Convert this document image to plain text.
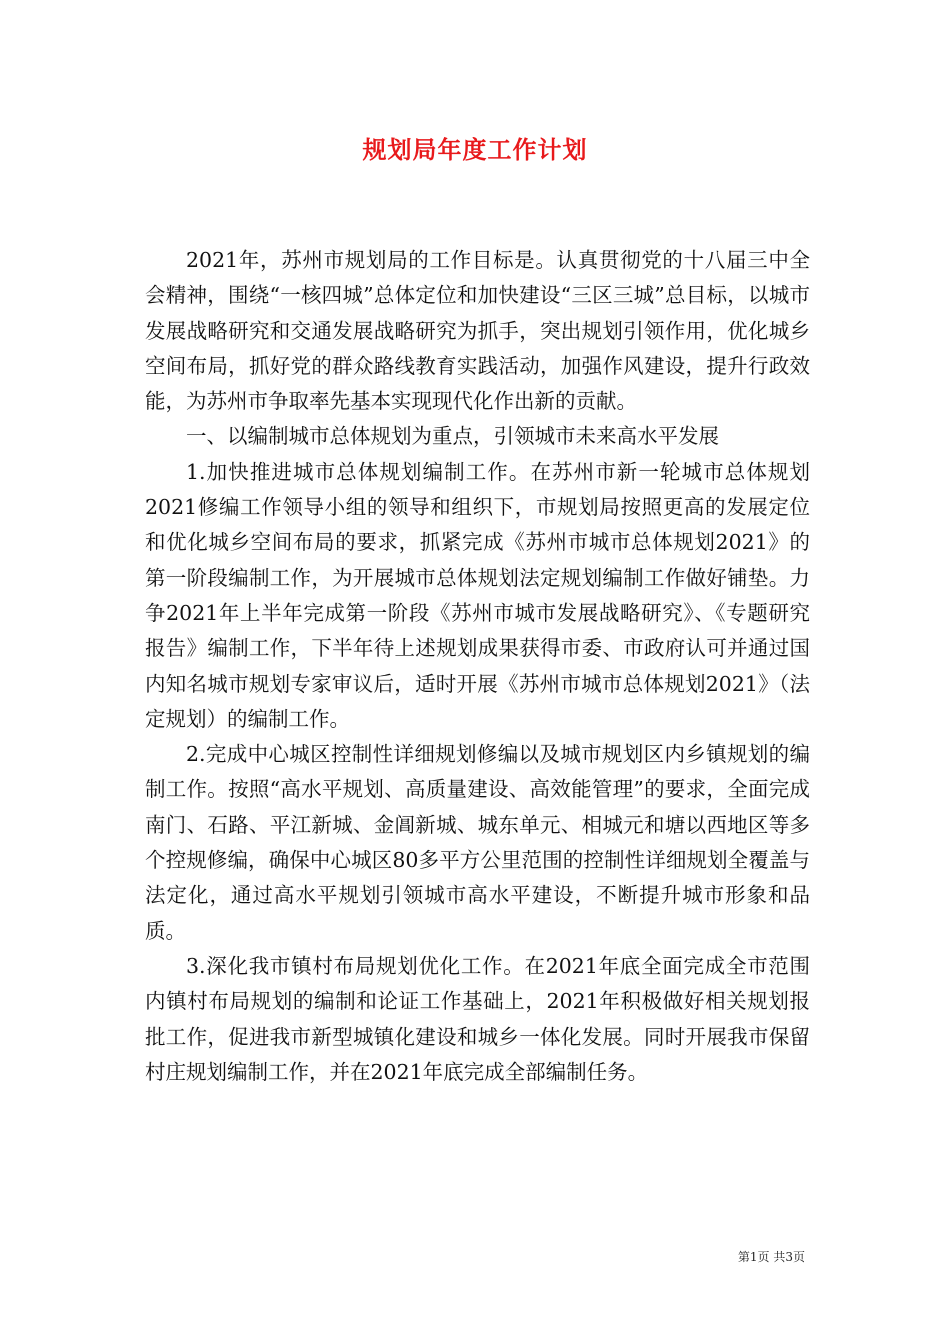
规划局年度工作计划

2021年，苏州市规划局的工作目标是。认真贯彻党的十八届三中全会精神，围绕“一核四城”总体定位和加快建设“三区三城”总目标，以城市发展战略研究和交通发展战略研究为抓手，突出规划引领作用，优化城乡空间布局，抓好党的群众路线教育实践活动，加强作风建设，提升行政效能，为苏州市争取率先基本实现现代化作出新的贡献。

一、以编制城市总体规划为重点，引领城市未来高水平发展

1.加快推进城市总体规划编制工作。在苏州市新一轮城市总体规划2021修编工作领导小组的领导和组织下，市规划局按照更高的发展定位和优化城乡空间布局的要求，抓紧完成《苏州市城市总体规划2021》的第一阶段编制工作，为开展城市总体规划法定规划编制工作做好铺垫。力争2021年上半年完成第一阶段《苏州市城市发展战略研究》、《专题研究报告》编制工作，下半年待上述规划成果获得市委、市政府认可并通过国内知名城市规划专家审议后，适时开展《苏州市城市总体规划2021》（法定规划）的编制工作。

2.完成中心城区控制性详细规划修编以及城市规划区内乡镇规划的编制工作。按照“高水平规划、高质量建设、高效能管理”的要求，全面完成南门、石路、平江新城、金阊新城、城东单元、相城元和塘以西地区等多个控规修编，确保中心城区80多平方公里范围的控制性详细规划全覆盖与法定化，通过高水平规划引领城市高水平建设，不断提升城市形象和品质。

3.深化我市镇村布局规划优化工作。在2021年底全面完成全市范围内镇村布局规划的编制和论证工作基础上，2021年积极做好相关规划报批工作，促进我市新型城镇化建设和城乡一体化发展。同时开展我市保留村庄规划编制工作，并在2021年底完成全部编制任务。

第1页 共3页
